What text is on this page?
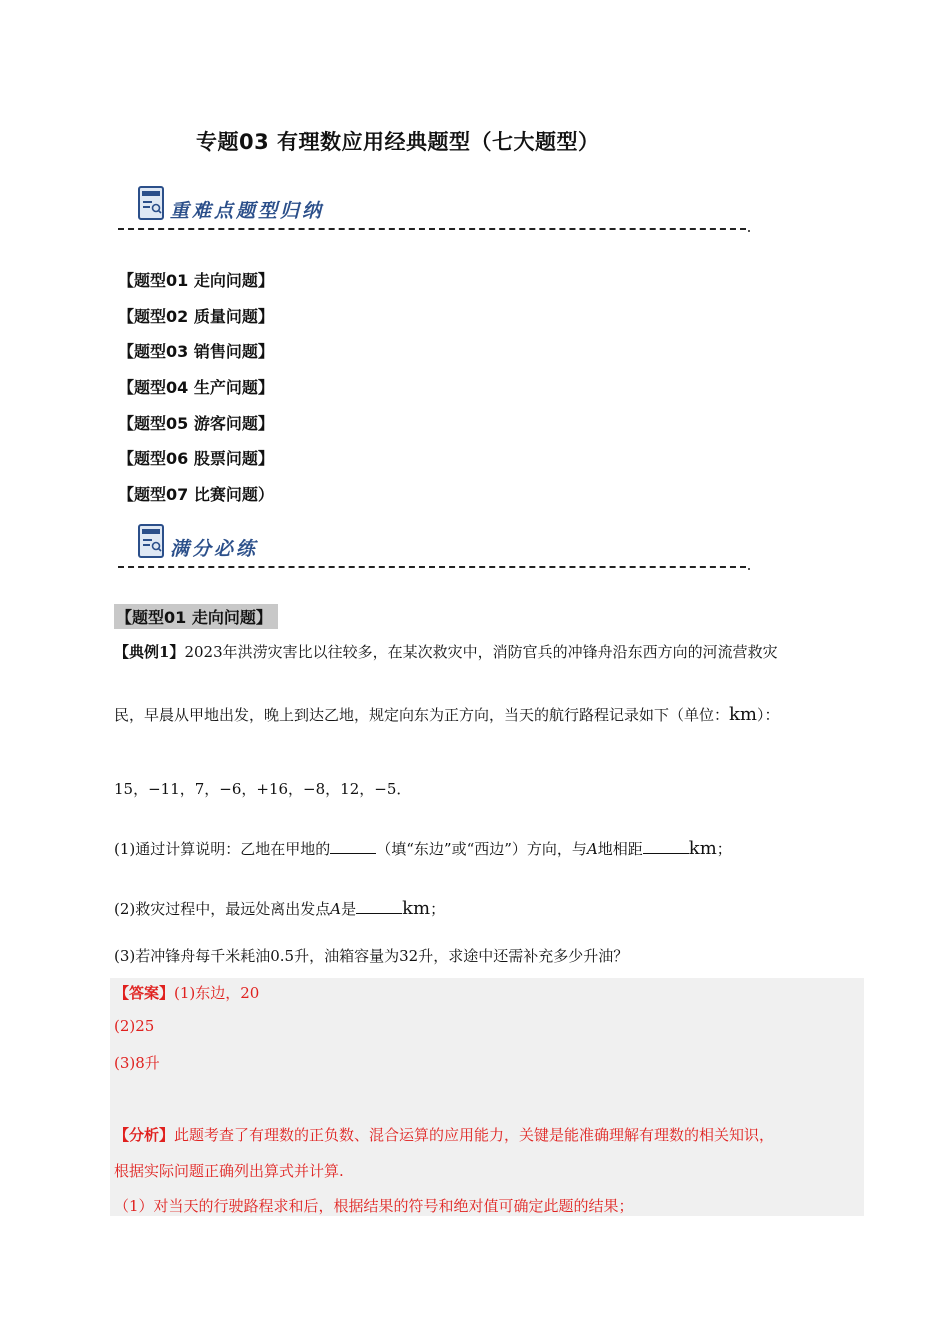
专题03 有理数应用经典题型（七大题型）
重难点题型归纳
【题型01 走向问题】
【题型02 质量问题】
【题型03 销售问题】
【题型04 生产问题】
【题型05 游客问题】
【题型06 股票问题】
【题型07 比赛问题）
满分必练
【题型01 走向问题】
【典例1】2023年洪涝灾害比以往较多，在某次救灾中，消防官兵的冲锋舟沿东西方向的河流营救灾
民，早晨从甲地出发，晚上到达乙地，规定向东为正方向，当天的航行路程记录如下（单位：km）：
15，−11，7，−6，+16，−8，12，−5．
(1)通过计算说明：乙地在甲地的	（填“东边”或“西边”）方向，与A地相距	km；
(2)救灾过程中，最远处离出发点A是	km；
(3)若冲锋舟每千米耗油0.5升，油箱容量为32升，求途中还需补充多少升油？
【答案】(1)东边，20
(2)25
(3)8升
【分析】此题考查了有理数的正负数、混合运算的应用能力，关键是能准确理解有理数的相关知识，
根据实际问题正确列出算式并计算.
（1）对当天的行驶路程求和后，根据结果的符号和绝对值可确定此题的结果；
